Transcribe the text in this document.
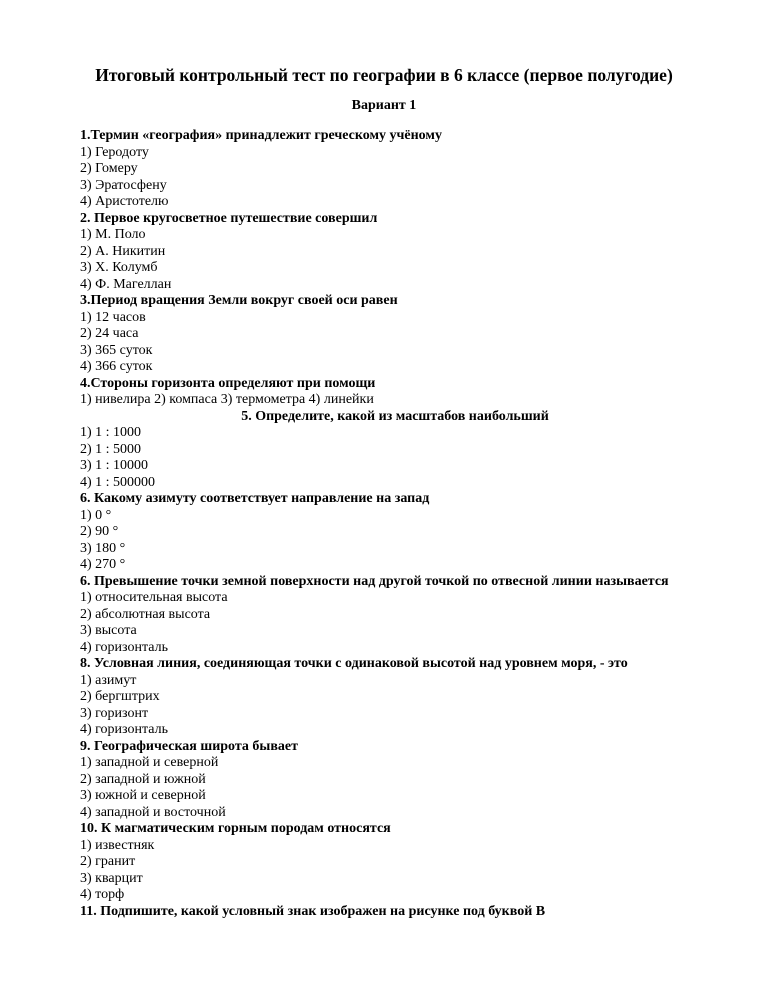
Итоговый контрольный тест по географии в 6 классе (первое полугодие)
Вариант 1
1.Термин «география» принадлежит греческому учёному
1) Геродоту
2) Гомеру
3) Эратосфену
4) Аристотелю
2. Первое кругосветное путешествие совершил
1) М. Поло
2) А. Никитин
3) Х. Колумб
4) Ф. Магеллан
3.Период вращения Земли вокруг своей оси равен
1) 12 часов
2) 24 часа
3) 365 суток
4) 366 суток
4.Стороны горизонта определяют при помощи
1) нивелира 2) компаса 3) термометра 4) линейки
5. Определите, какой из масштабов наибольший
1) 1 : 1000
2) 1 : 5000
3) 1 : 10000
4) 1 : 500000
6. Какому азимуту соответствует направление на запад
1) 0 °
2) 90 °
3) 180 °
4) 270 °
6. Превышение точки земной поверхности над другой точкой по отвесной линии называется
1) относительная высота
2) абсолютная высота
3) высота
4) горизонталь
8. Условная линия, соединяющая точки с одинаковой высотой над уровнем моря, - это
1) азимут
2) бергштрих
3) горизонт
4) горизонталь
9. Географическая широта бывает
1) западной и северной
2) западной и южной
3) южной и северной
4) западной и восточной
10. К магматическим горным породам относятся
1) известняк
2) гранит
3) кварцит
4) торф
11. Подпишите, какой условный знак изображен на рисунке под буквой В
